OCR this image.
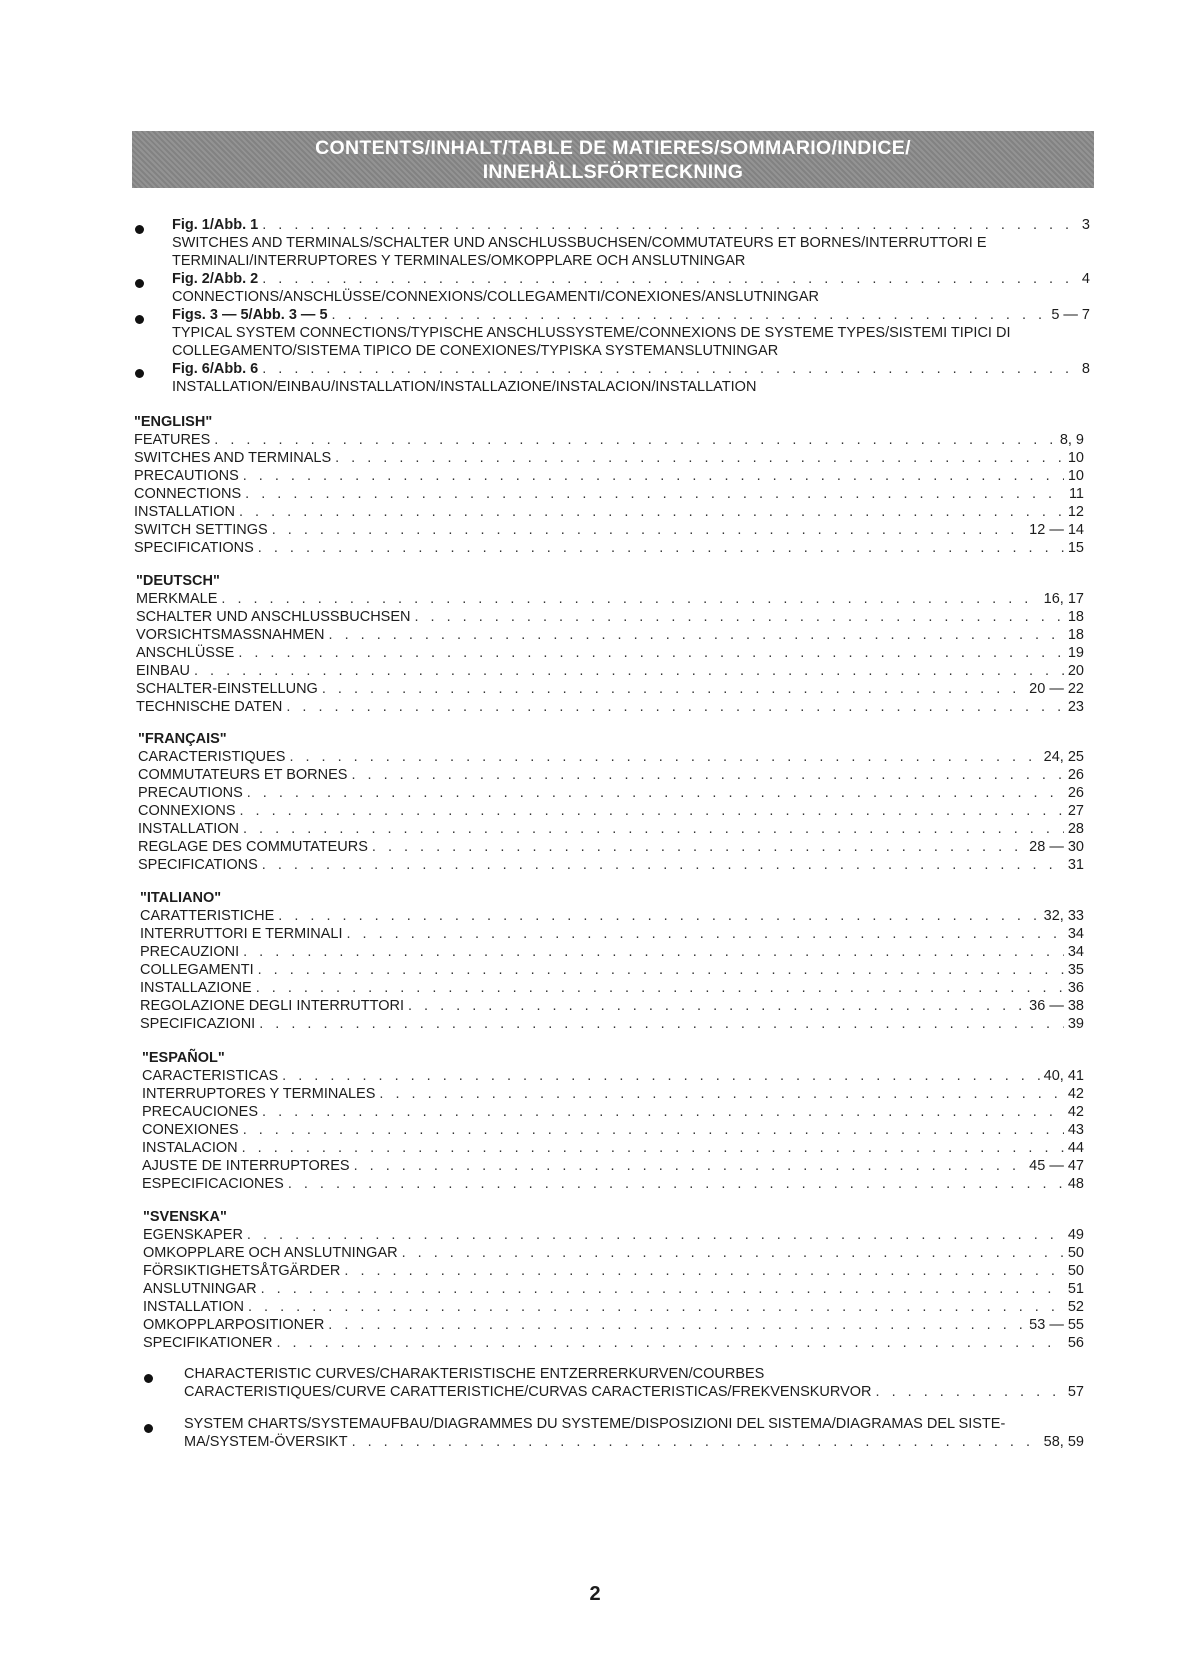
CONTENTS/INHALT/TABLE DE MATIERES/SOMMARIO/INDICE/
INNEHÅLLSFÖRTECKNING
Fig. 1/Abb. 1 . . .	3
SWITCHES AND TERMINALS/SCHALTER UND ANSCHLUSSBUCHSEN/COMMUTATEURS ET BORNES/INTERRUTTORI E
TERMINALI/INTERRUPTORES Y TERMINALES/OMKOPPLARE OCH ANSLUTNINGAR
Fig. 2/Abb. 2 . . .	4
CONNECTIONS/ANSCHLÜSSE/CONNEXIONS/COLLEGAMENTI/CONEXIONES/ANSLUTNINGAR
Figs. 3 — 5/Abb. 3 — 5 . . .	5 — 7
TYPICAL SYSTEM CONNECTIONS/TYPISCHE ANSCHLUSSYSTEME/CONNEXIONS DE SYSTEME TYPES/SISTEMI TIPICI DI
COLLEGAMENTO/SISTEMA TIPICO DE CONEXIONES/TYPISKA SYSTEMANSLUTNINGAR
Fig. 6/Abb. 6 . . .	8
INSTALLATION/EINBAU/INSTALLATION/INSTALLAZIONE/INSTALACION/INSTALLATION
"ENGLISH"
FEATURES . . .	8, 9
SWITCHES AND TERMINALS . . .	10
PRECAUTIONS . . .	10
CONNECTIONS . . .	11
INSTALLATION . . .	12
SWITCH SETTINGS . . .	12 — 14
SPECIFICATIONS . . .	15
"DEUTSCH"
MERKMALE . . .	16, 17
SCHALTER UND ANSCHLUSSBUCHSEN . . .	18
VORSICHTSMASSNAHMEN . . .	18
ANSCHLÜSSE . . .	19
EINBAU . . .	20
SCHALTER-EINSTELLUNG . . .	20 — 22
TECHNISCHE DATEN . . .	23
"FRANÇAIS"
CARACTERISTIQUES . . .	24, 25
COMMUTATEURS ET BORNES . . .	26
PRECAUTIONS . . .	26
CONNEXIONS . . .	27
INSTALLATION . . .	28
REGLAGE DES COMMUTATEURS . . .	28 — 30
SPECIFICATIONS . . .	31
"ITALIANO"
CARATTERISTICHE . . .	32, 33
INTERRUTTORI E TERMINALI . . .	34
PRECAUZIONI . . .	34
COLLEGAMENTI . . .	35
INSTALLAZIONE . . .	36
REGOLAZIONE DEGLI INTERRUTTORI . . .	36 — 38
SPECIFICAZIONI . . .	39
"ESPAÑOL"
CARACTERISTICAS . . .	40, 41
INTERRUPTORES Y TERMINALES . . .	42
PRECAUCIONES . . .	42
CONEXIONES . . .	43
INSTALACION . . .	44
AJUSTE DE INTERRUPTORES . . .	45 — 47
ESPECIFICACIONES . . .	48
"SVENSKA"
EGENSKAPER . . .	49
OMKOPPLARE OCH ANSLUTNINGAR . . .	50
FÖRSIKTIGHETSÅTGÄRDER . . .	50
ANSLUTNINGAR . . .	51
INSTALLATION . . .	52
OMKOPPLARPOSITIONER . . .	53 — 55
SPECIFIKATIONER . . .	56
CHARACTERISTIC CURVES/CHARAKTERISTISCHE ENTZERRERKURVEN/COURBES
CARACTERISTIQUES/CURVE CARATTERISTICHE/CURVAS CARACTERISTICAS/FREKVENSKURVOR . . .	57
SYSTEM CHARTS/SYSTEMAUFBAU/DIAGRAMMES DU SYSTEME/DISPOSIZIONI DEL SISTEMA/DIAGRAMAS DEL SISTE-
MA/SYSTEM-ÖVERSIKT . . .	58, 59
2
